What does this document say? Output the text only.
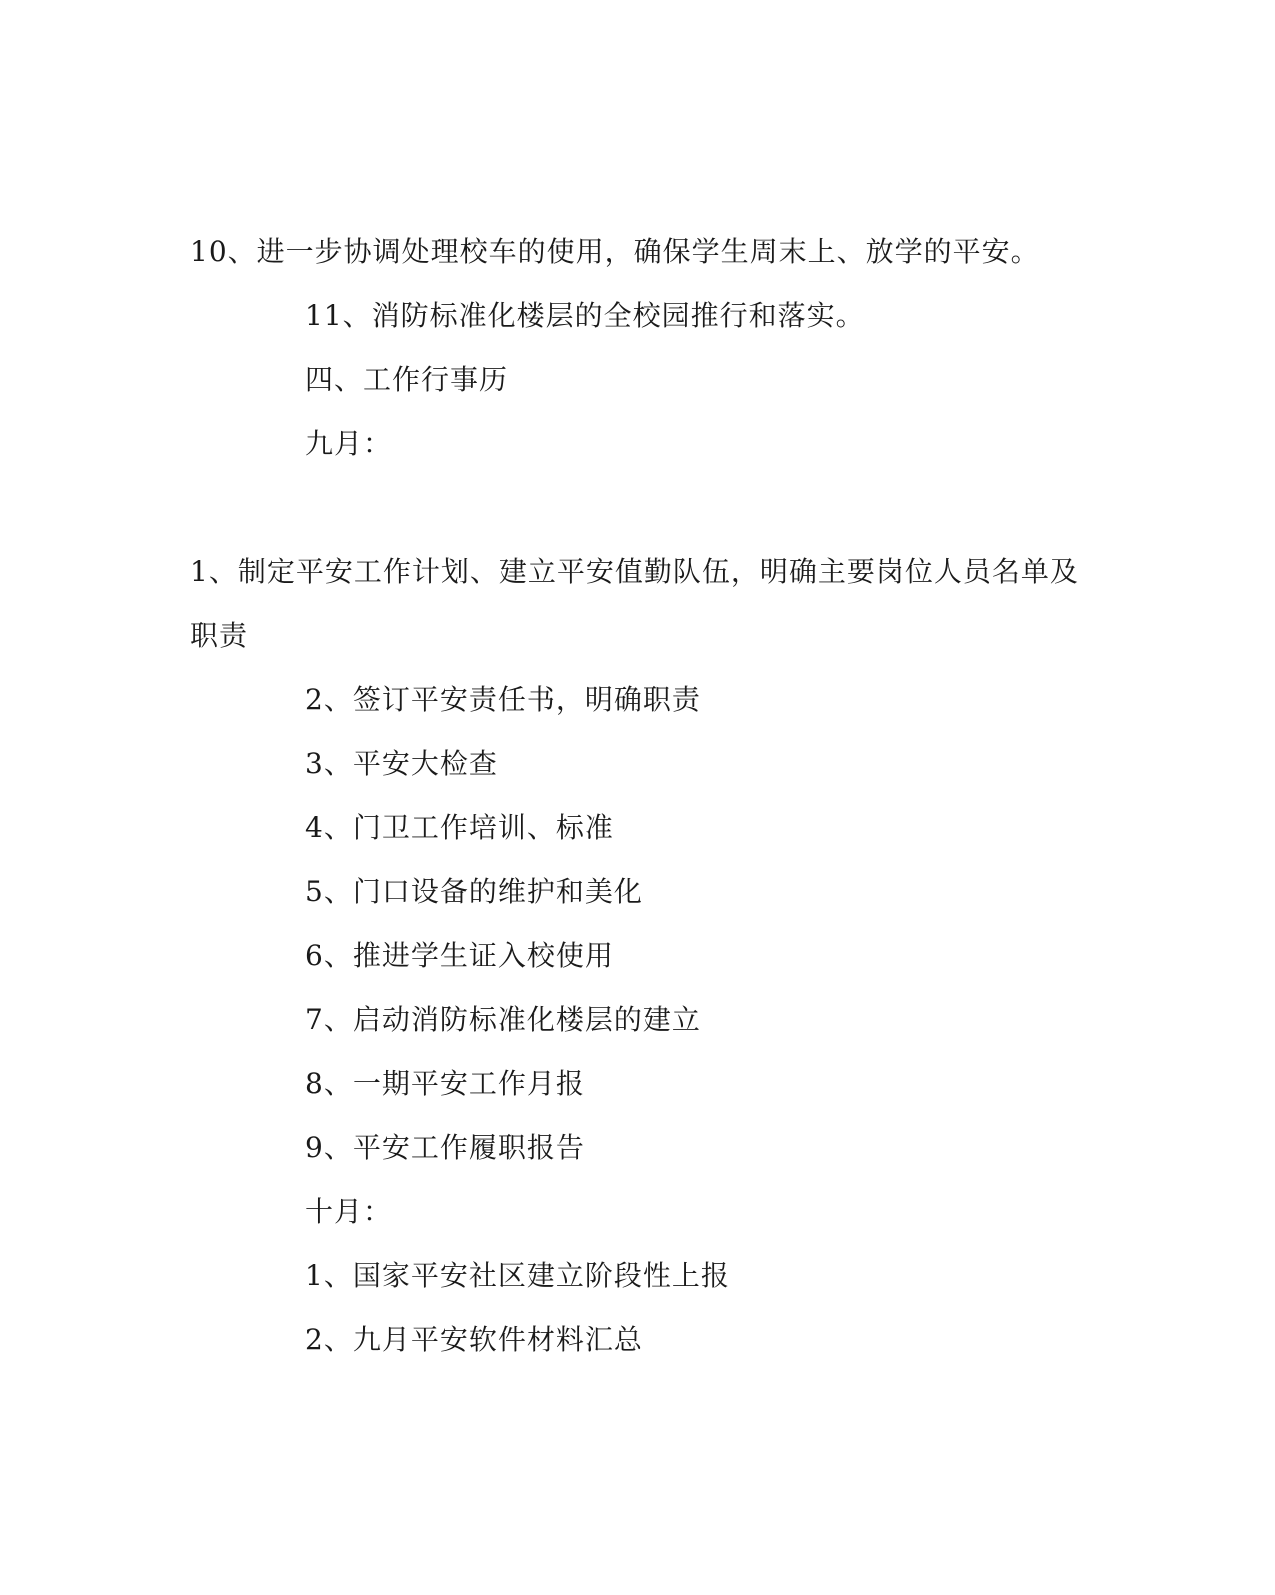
10、进一步协调处理校车的使用，确保学生周末上、放学的平安。
11、消防标准化楼层的全校园推行和落实。
四、工作行事历
九月：
1、制定平安工作计划、建立平安值勤队伍，明确主要岗位人员名单及
职责
2、签订平安责任书，明确职责
3、平安大检查
4、门卫工作培训、标准
5、门口设备的维护和美化
6、推进学生证入校使用
7、启动消防标准化楼层的建立
8、一期平安工作月报
9、平安工作履职报告
十月：
1、国家平安社区建立阶段性上报
2、九月平安软件材料汇总
